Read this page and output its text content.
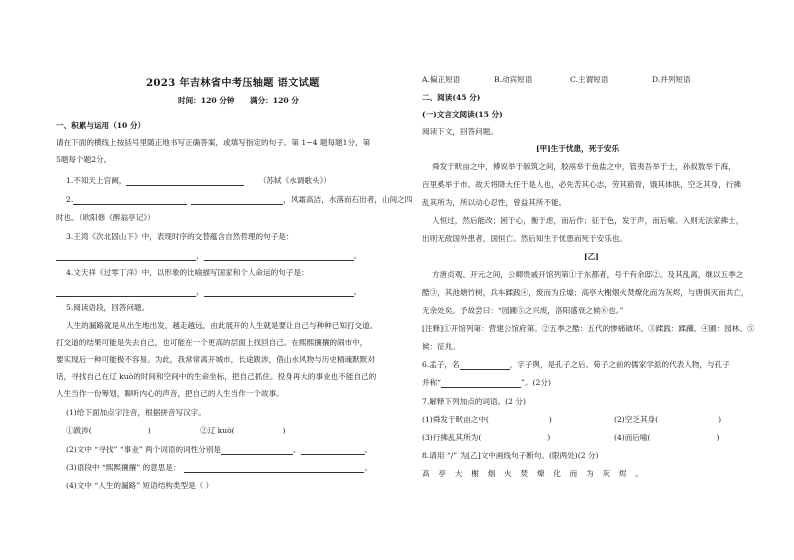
2023 年吉林省中考压轴题 语文试题
时间：120 分钟 满分：120 分
一、积累与运用（10 分）
请在下面的横线上按括号里随正地书写正确答案，或填写指定的句子。第 1~4 题每题1分，第
5题每个题2分。
1.不知天上宫阙，	（苏轼《水调歌头》）
2.	，风霜高洁，水落而石出者，山间之四
时也。（欧阳修《醉翁亭记》）
3.王湾《次北固山下》中，表现时序的交替蕴含自然哲理的句子是：
，	。
4.文天祥《过零丁洋》中，以形象的比喻描写国家和个人命运的句子是：
，	。
5.阅读语段，回答问题。
人生的漏路就是从出生地出发，越走越远，由此展开的人生就是要让自己与种种已知打交道。
打交道的结果可能是失去自己，也可能在一个更高的层面上找回自己。在熙熙攘攘的闹市中，
要实现后一种可能极不容易。为此，我常常离开城市，长途跋涉，借山水风物与历史精魂默默对
话，寻找自己在辽 kuò的时间和空间中的生命坐标，把自己抓住。投身再大的事业也不能自己的
人生当作一份筹划，聊听内心的声音，把自己的人生当作一个故事。
(1)给下面加点字注音，根据拼音写汉字。
①跋涉(	)	②辽 kuò(	)
(2)文中 “寻找” “事业” 两个词语的词性分别是	、	。
(3)语段中 “熙熙攘攘” 的意思是：	。
(4)文中 “人生的漏路” 短语结构类型是（ ）
A.偏正短语	B.动宾短语	C.主谓短语	D.并列短语
二、阅读(45 分)
(一)文言文阅读(15 分)
阅读下文，回答问题。
[甲]生于忧患，死于安乐
舜发于畎亩之中，傅说举于版筑之间，胶鬲举于鱼盐之中，管夷吾举于士，孙叔敖举于海，
百里奚举于市。故天将降大任于是人也，必先苦其心志，劳其筋骨，饿其体肤，空乏其身，行拂
乱其所为，所以动心忍性，曾益其所不能。
人恒过，然后能改；困于心，衡于虑，而后作；征于色，发于声，而后喻。入则无法家拂士，
出则无敌国外患者，国恒亡。然后知生于忧患而死于安乐也。
[乙]
方唐贞观、开元之间，公卿贵戚开馆列第①于东都者，号千有余邸②。及其乱离，继以五季之
酷③，其池塘竹树，兵车蹂践④，废而为丘墟；高亭大榭烟火焚燎化而为灰烬，与唐俱灭而共亡，
无余处矣。予故尝曰：“园圃⑤之兴废，洛阳盛衰之候⑥也。”
[注释]①开馆列第：营建公馆府第。②五季之酷：五代的惨痛破坏。③蹂践：蹂躏。④圃：园林。⑤
候：征兆。
6.孟子，名	，字子舆，是孔子之后、荀子之前的儒家学派的代表人物，与孔子
并称“	”。(2分)
7.解释下列加点的词语。(2 分)
(1)舜发于畎亩之中(	)	(2)空乏其身(	)
(3)行拂乱其所为(	)	(4)而后喻(	)
8.请用 “/” 为[乙]文中画线句子断句。(限两处)(2 分)
高 亭 大 榭 烟 火 焚 燎 化 而 为 灰 烬 。
